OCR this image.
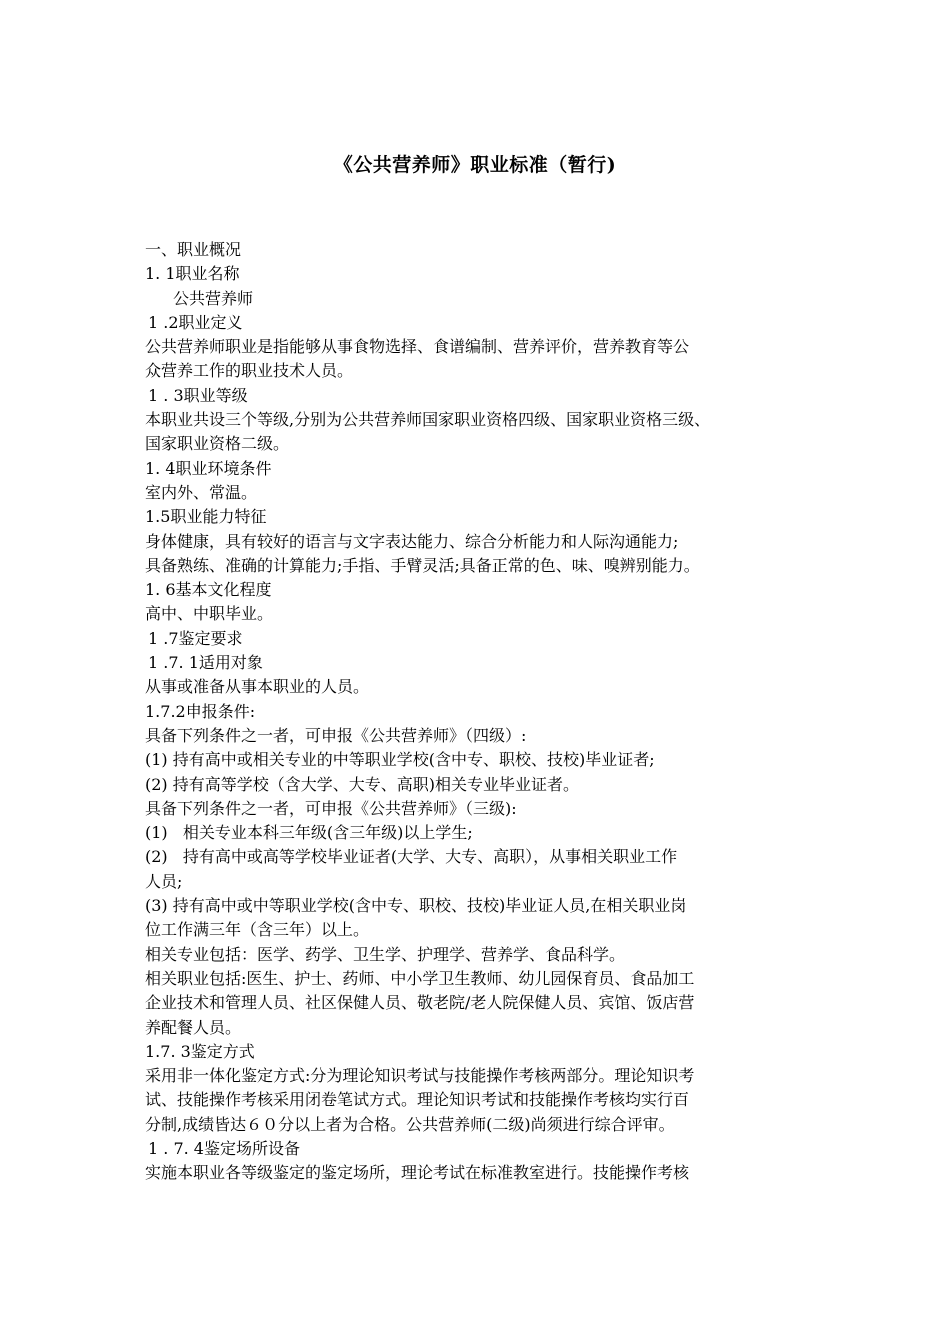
《公共营养师》职业标准（暂行)

一、职业概况

1. 1职业名称

公共营养师

1 .2职业定义

公共营养师职业是指能够从事食物选择、食谱编制、营养评价，营养教育等公

众营养工作的职业技术人员。

1 . 3职业等级

本职业共设三个等级,分别为公共营养师国家职业资格四级、国家职业资格三级、

国家职业资格二级。

1. 4职业环境条件

室内外、常温。

1.5职业能力特征

身体健康，具有较好的语言与文字表达能力、综合分析能力和人际沟通能力;

具备熟练、准确的计算能力;手指、手臂灵活;具备正常的色、味、嗅辨别能力。

1. 6基本文化程度

高中、中职毕业。

1 .7鉴定要求

1 .7. 1适用对象

从事或准备从事本职业的人员。

1.7.2申报条件:

具备下列条件之一者，可申报《公共营养师》（四级）:

(1) 持有高中或相关专业的中等职业学校(含中专、职校、技校)毕业证者;

(2) 持有高等学校（含大学、大专、高职)相关专业毕业证者。

具备下列条件之一者，可申报《公共营养师》（三级):

(1)   相关专业本科三年级(含三年级)以上学生;

(2)   持有高中或高等学校毕业证者(大学、大专、高职），从事相关职业工作

人员;

(3) 持有高中或中等职业学校(含中专、职校、技校)毕业证人员,在相关职业岗

位工作满三年（含三年）以上。

相关专业包括：医学、药学、卫生学、护理学、营养学、食品科学。

相关职业包括:医生、护士、药师、中小学卫生教师、幼儿园保育员、食品加工

企业技术和管理人员、社区保健人员、敬老院/老人院保健人员、宾馆、饭店营

养配餐人员。

1.7. 3鉴定方式

采用非一体化鉴定方式:分为理论知识考试与技能操作考核两部分。理论知识考

试、技能操作考核采用闭卷笔试方式。理论知识考试和技能操作考核均实行百

分制,成绩皆达６０分以上者为合格。公共营养师(二级)尚须进行综合评审。

1 . 7. 4鉴定场所设备

实施本职业各等级鉴定的鉴定场所，理论考试在标准教室进行。技能操作考核
